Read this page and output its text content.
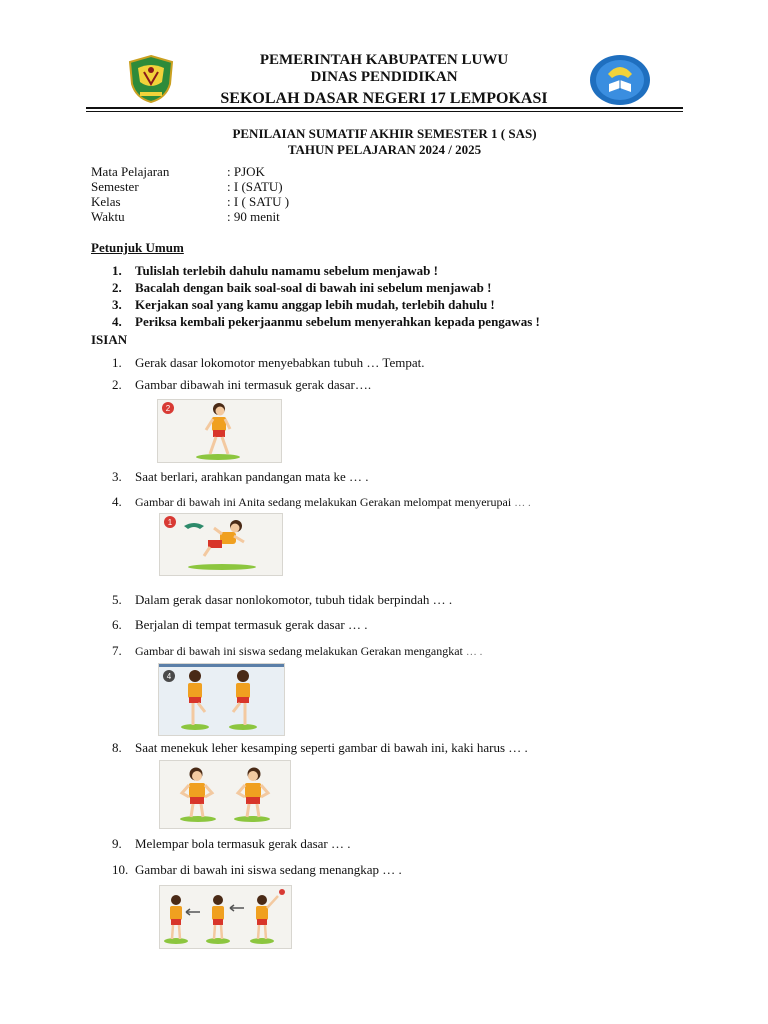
PEMERINTAH KABUPATEN LUWU
DINAS PENDIDIKAN
SEKOLAH DASAR NEGERI 17 LEMPOKASI
PENILAIAN SUMATIF AKHIR SEMESTER 1 ( SAS)
TAHUN PELAJARAN 2024 / 2025
Mata Pelajaran	: PJOK
Semester	: I (SATU)
Kelas	: I ( SATU )
Waktu	: 90 menit
Petunjuk Umum
1. Tulislah terlebih dahulu namamu sebelum menjawab !
2. Bacalah dengan baik soal-soal di bawah ini sebelum menjawab !
3. Kerjakan soal yang kamu anggap lebih mudah, terlebih dahulu !
4. Periksa kembali pekerjaanmu sebelum menyerahkan kepada pengawas !
ISIAN
1. Gerak dasar lokomotor menyebabkan tubuh … Tempat.
2. Gambar dibawah ini termasuk gerak dasar….
2
3. Saat berlari, arahkan pandangan mata ke … .
4. Gambar di bawah ini Anita sedang melakukan Gerakan melompat menyerupai … .
1
5. Dalam gerak dasar nonlokomotor, tubuh tidak berpindah … .
6. Berjalan di tempat termasuk gerak dasar … .
7. Gambar di bawah ini siswa sedang melakukan Gerakan mengangkat … .
4
8. Saat menekuk leher kesamping seperti gambar di bawah ini, kaki harus … .
9. Melempar bola termasuk gerak dasar … .
10. Gambar di bawah ini siswa sedang menangkap … .
